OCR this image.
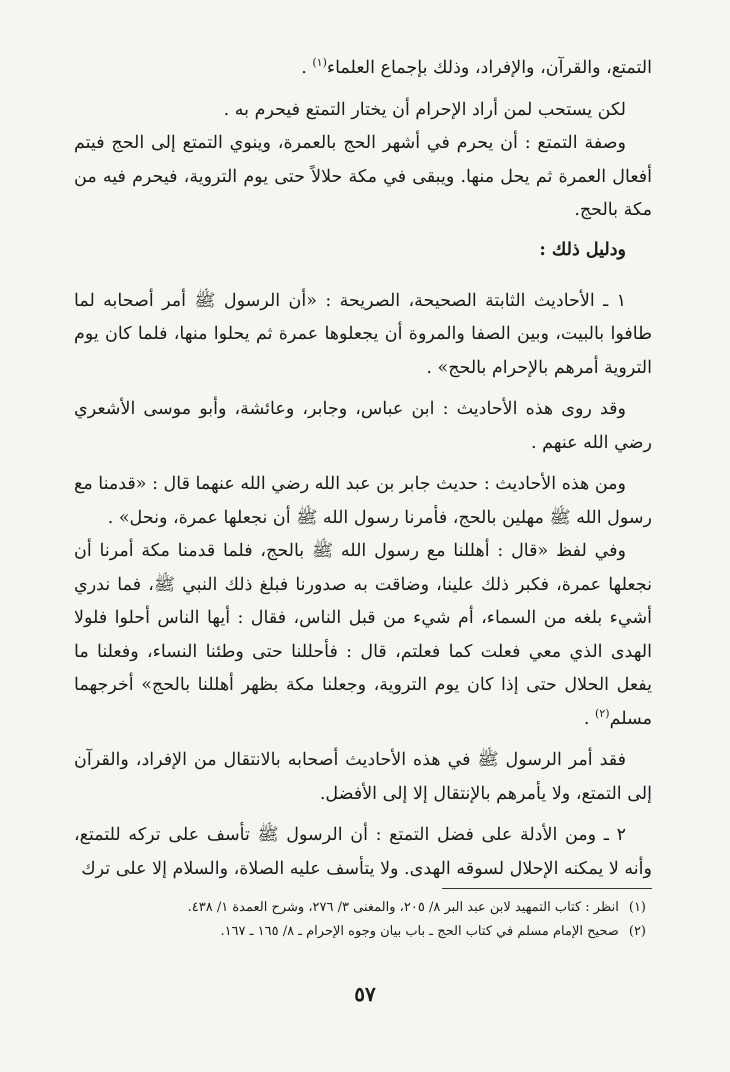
التمتع، والقرآن، والإفراد، وذلك بإجماع العلماء$^{(١)}$ .

لكن يستحب لمن أراد الإحرام أن يختار التمتع فيحرم به .

وصفة التمتع : أن يحرم في أشهر الحج بالعمرة، وينوي التمتع إلى الحج فيتم أفعال العمرة ثم يحل منها. ويبقى في مكة حلالاً حتى يوم التروية، فيحرم فيه من مكة بالحج.

ودليل ذلك :

١ ـ الأحاديث الثابتة الصحيحة، الصريحة : «أن الرسول ﷺ أمر أصحابه لما طافوا بالبيت، وبين الصفا والمروة أن يجعلوها عمرة ثم يحلوا منها، فلما كان يوم التروية أمرهم بالإحرام بالحج» .

وقد روى هذه الأحاديث : ابن عباس، وجابر، وعائشة، وأبو موسى الأشعري رضي الله عنهم .

ومن هذه الأحاديث : حديث جابر بن عبد الله رضي الله عنهما قال : «قدمنا مع رسول الله ﷺ مهلين بالحج، فأمرنا رسول الله ﷺ أن نجعلها عمرة، ونحل» .

وفي لفظ «قال : أهللنا مع رسول الله ﷺ بالحج، فلما قدمنا مكة أمرنا أن نجعلها عمرة، فكبر ذلك علينا، وضاقت به صدورنا فبلغ ذلك النبي ﷺ، فما ندري أشيء بلغه من السماء، أم شيء من قبل الناس، فقال : أيها الناس أحلوا فلولا الهدى الذي معي فعلت كما فعلتم، قال : فأحللنا حتى وطئنا النساء، وفعلنا ما يفعل الحلال حتى إذا كان يوم التروية، وجعلنا مكة بظهر أهللنا بالحج» أخرجهما مسلم$^{(٢)}$ .

فقد أمر الرسول ﷺ في هذه الأحاديث أصحابه بالانتقال من الإفراد، والقرآن إلى التمتع، ولا يأمرهم بالإنتقال إلا إلى الأفضل.

٢ ـ ومن الأدلة على فضل التمتع : أن الرسول ﷺ تأسف على تركه للتمتع، وأنه لا يمكنه الإحلال لسوقه الهدى. ولا يتأسف عليه الصلاة، والسلام إلا على ترك

(١)
انظر : كتاب التمهيد لابن عبد البر ٨/ ٢٠٥، والمغنى ٣/ ٢٧٦، وشرح العمدة ١/ ٤٣٨.
(٢)
صحيح الإمام مسلم في كتاب الحج ـ باب بيان وجوه الإحرام ـ ٨/ ١٦٥ ـ ١٦٧.
٥٧
